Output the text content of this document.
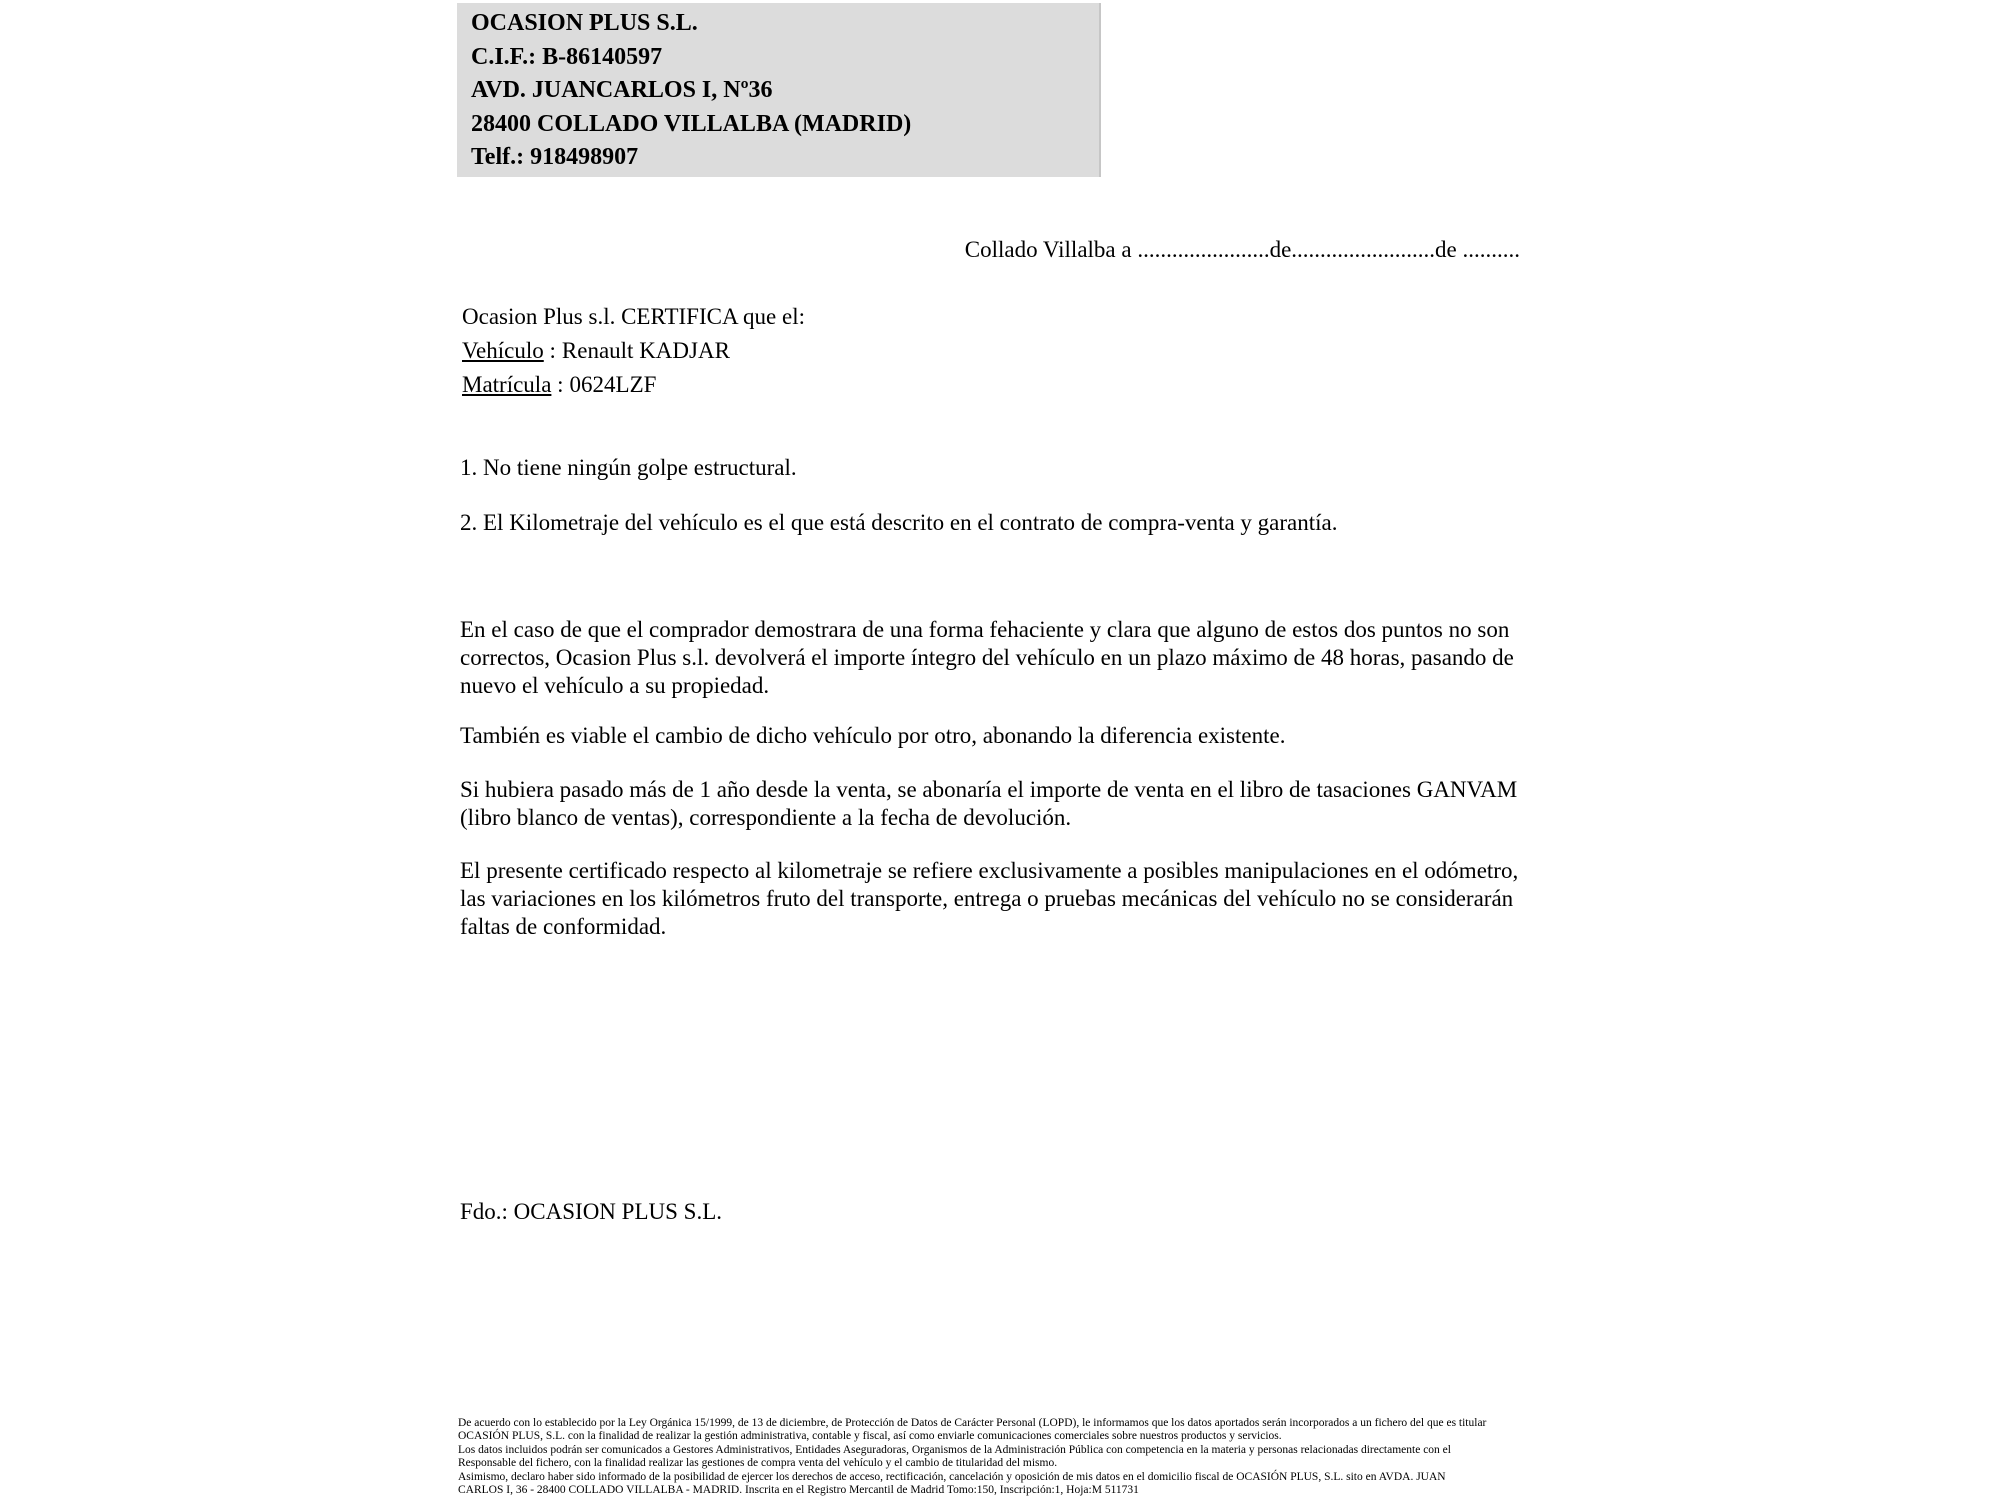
OCASION PLUS S.L.
C.I.F.: B-86140597
AVD. JUANCARLOS I, Nº36
28400 COLLADO VILLALBA (MADRID)
Telf.: 918498907
Collado Villalba a .......................de.........................de ..........
Ocasion Plus s.l. CERTIFICA que el:
Vehículo : Renault KADJAR
Matrícula : 0624LZF
1. No tiene ningún golpe estructural.
2. El Kilometraje del vehículo es el que está descrito en el contrato de compra-venta y garantía.
En el caso de que el comprador demostrara de una forma fehaciente y clara que alguno de estos dos puntos no son correctos, Ocasion Plus s.l. devolverá el importe íntegro del vehículo en un plazo máximo de 48 horas, pasando de nuevo el vehículo a su propiedad.
También es viable el cambio de dicho vehículo por otro, abonando la diferencia existente.
Si hubiera pasado más de 1 año desde la venta, se abonaría el importe de venta en el libro de tasaciones GANVAM (libro blanco de ventas), correspondiente a la fecha de devolución.
El presente certificado respecto al kilometraje se refiere exclusivamente a posibles manipulaciones en el odómetro, las variaciones en los kilómetros fruto del transporte, entrega o pruebas mecánicas del vehículo no se considerarán faltas de conformidad.
Fdo.: OCASION PLUS S.L.
De acuerdo con lo establecido por la Ley Orgánica 15/1999, de 13 de diciembre, de Protección de Datos de Carácter Personal (LOPD), le informamos que los datos aportados serán incorporados a un fichero del que es titular
OCASIÓN PLUS, S.L. con la finalidad de realizar la gestión administrativa, contable y fiscal, así como enviarle comunicaciones comerciales sobre nuestros productos y servicios.
Los datos incluidos podrán ser comunicados a Gestores Administrativos, Entidades Aseguradoras, Organismos de la Administración Pública con competencia en la materia y personas relacionadas directamente con el
Responsable del fichero, con la finalidad realizar las gestiones de compra venta del vehículo y el cambio de titularidad del mismo.
Asimismo, declaro haber sido informado de la posibilidad de ejercer los derechos de acceso, rectificación, cancelación y oposición de mis datos en el domicilio fiscal de OCASIÓN PLUS, S.L. sito en AVDA. JUAN
CARLOS I, 36 - 28400 COLLADO VILLALBA - MADRID. Inscrita en el Registro Mercantil de Madrid Tomo:150, Inscripción:1, Hoja:M 511731
